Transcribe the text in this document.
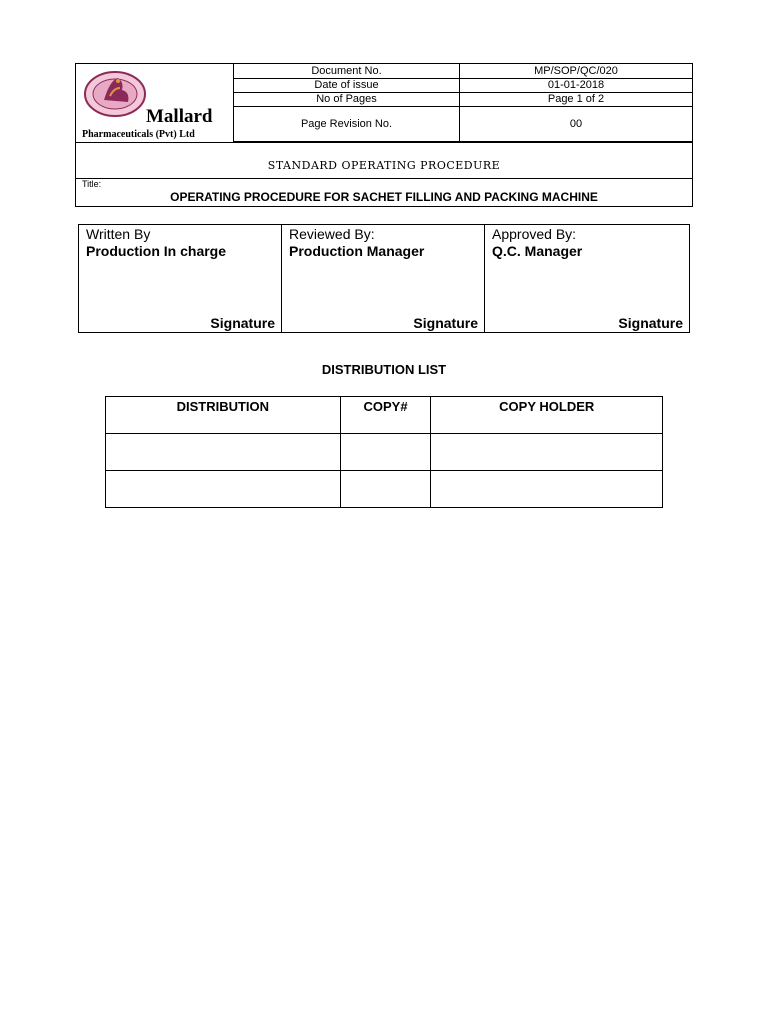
Mallard
Pharmaceuticals (Pvt) Ltd
Document No.	MP/SOP/QC/020
Date of issue	01-01-2018
No of Pages	Page 1 of 2
Page Revision No.	00
STANDARD OPERATING PROCEDURE
Title:
OPERATING PROCEDURE FOR SACHET FILLING AND PACKING MACHINE
Written By
Production In charge
Signature
Reviewed By:
Production Manager
Signature
Approved By:
Q.C. Manager
Signature
DISTRIBUTION LIST
DISTRIBUTION	COPY#	COPY HOLDER
